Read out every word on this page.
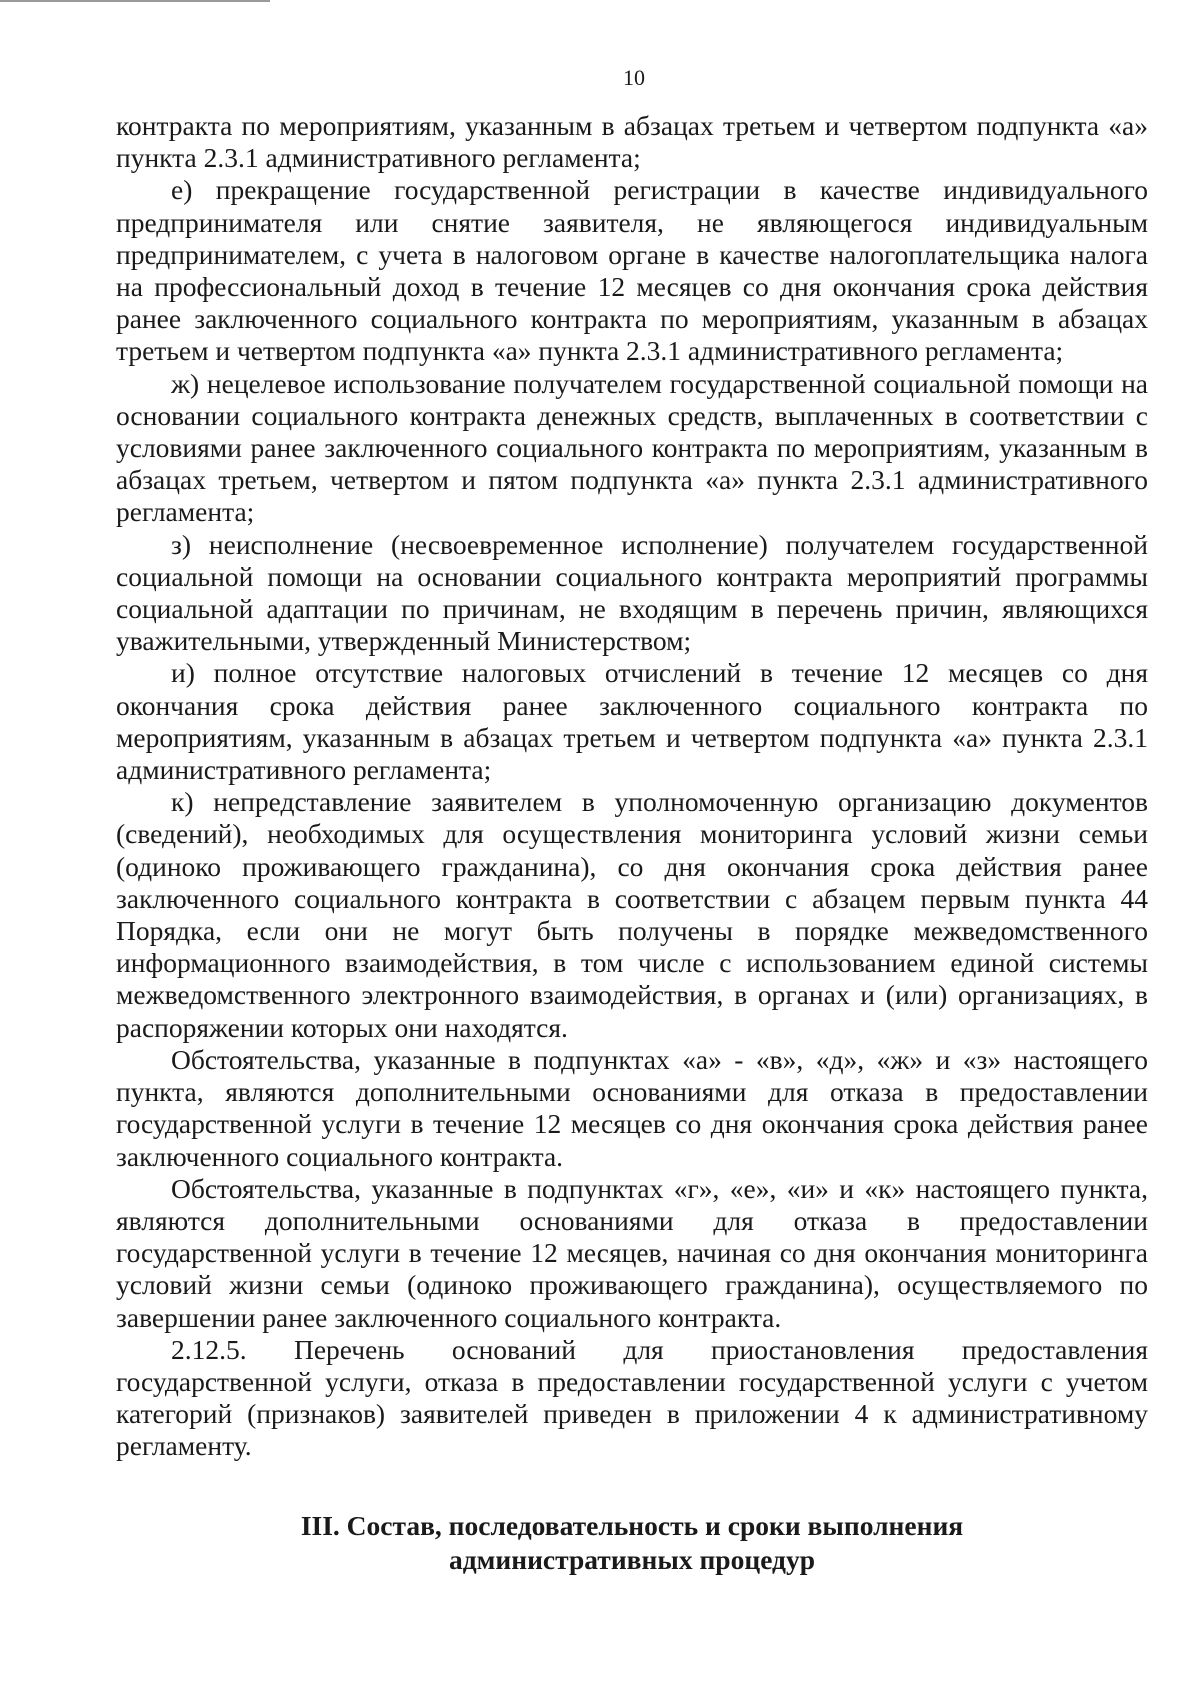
10

контракта по мероприятиям, указанным в абзацах третьем и четвертом подпункта «а» пункта 2.3.1 административного регламента;

е) прекращение государственной регистрации в качестве индивидуального предпринимателя или снятие заявителя, не являющегося индивидуальным предпринимателем, с учета в налоговом органе в качестве налогоплательщика налога на профессиональный доход в течение 12 месяцев со дня окончания срока действия ранее заключенного социального контракта по мероприятиям, указанным в абзацах третьем и четвертом подпункта «а» пункта 2.3.1 административного регламента;

ж) нецелевое использование получателем государственной социальной помощи на основании социального контракта денежных средств, выплаченных в соответствии с условиями ранее заключенного социального контракта по мероприятиям, указанным в абзацах третьем, четвертом и пятом подпункта «а» пункта 2.3.1 административного регламента;

з) неисполнение (несвоевременное исполнение) получателем государственной социальной помощи на основании социального контракта мероприятий программы социальной адаптации по причинам, не входящим в перечень причин, являющихся уважительными, утвержденный Министерством;

и) полное отсутствие налоговых отчислений в течение 12 месяцев со дня окончания срока действия ранее заключенного социального контракта по мероприятиям, указанным в абзацах третьем и четвертом подпункта «а» пункта 2.3.1 административного регламента;

к) непредставление заявителем в уполномоченную организацию документов (сведений), необходимых для осуществления мониторинга условий жизни семьи (одиноко проживающего гражданина), со дня окончания срока действия ранее заключенного социального контракта в соответствии с абзацем первым пункта 44 Порядка, если они не могут быть получены в порядке межведомственного информационного взаимодействия, в том числе с использованием единой системы межведомственного электронного взаимодействия, в органах и (или) организациях, в распоряжении которых они находятся.

Обстоятельства, указанные в подпунктах «а» - «в», «д», «ж» и «з» настоящего пункта, являются дополнительными основаниями для отказа в предоставлении государственной услуги в течение 12 месяцев со дня окончания срока действия ранее заключенного социального контракта.

Обстоятельства, указанные в подпунктах «г», «е», «и» и «к» настоящего пункта, являются дополнительными основаниями для отказа в предоставлении государственной услуги в течение 12 месяцев, начиная со дня окончания мониторинга условий жизни семьи (одиноко проживающего гражданина), осуществляемого по завершении ранее заключенного социального контракта.

2.12.5. Перечень оснований для приостановления предоставления государственной услуги, отказа в предоставлении государственной услуги с учетом категорий (признаков) заявителей приведен в приложении 4 к административному регламенту.

III. Состав, последовательность и сроки выполнения
административных процедур
